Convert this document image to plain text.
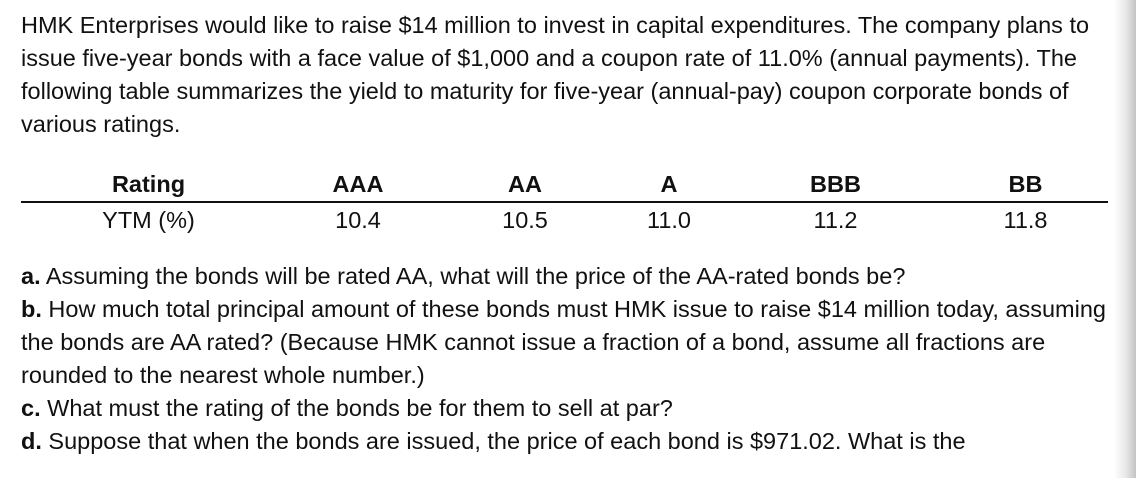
HMK Enterprises would like to raise $14 million to invest in capital expenditures. The company plans to issue five-year bonds with a face value of $1,000 and a coupon rate of 11.0% (annual payments). The following table summarizes the yield to maturity for five-year (annual-pay) coupon corporate bonds of various ratings.

Rating	AAA	AA	A	BBB	BB
YTM (%)	10.4	10.5	11.0	11.2	11.8

a. Assuming the bonds will be rated AA, what will the price of the AA-rated bonds be?

b. How much total principal amount of these bonds must HMK issue to raise $14 million today, assuming the bonds are AA rated? (Because HMK cannot issue a fraction of a bond, assume all fractions are rounded to the nearest whole number.)

c. What must the rating of the bonds be for them to sell at par?

d. Suppose that when the bonds are issued, the price of each bond is $971.02. What is the
